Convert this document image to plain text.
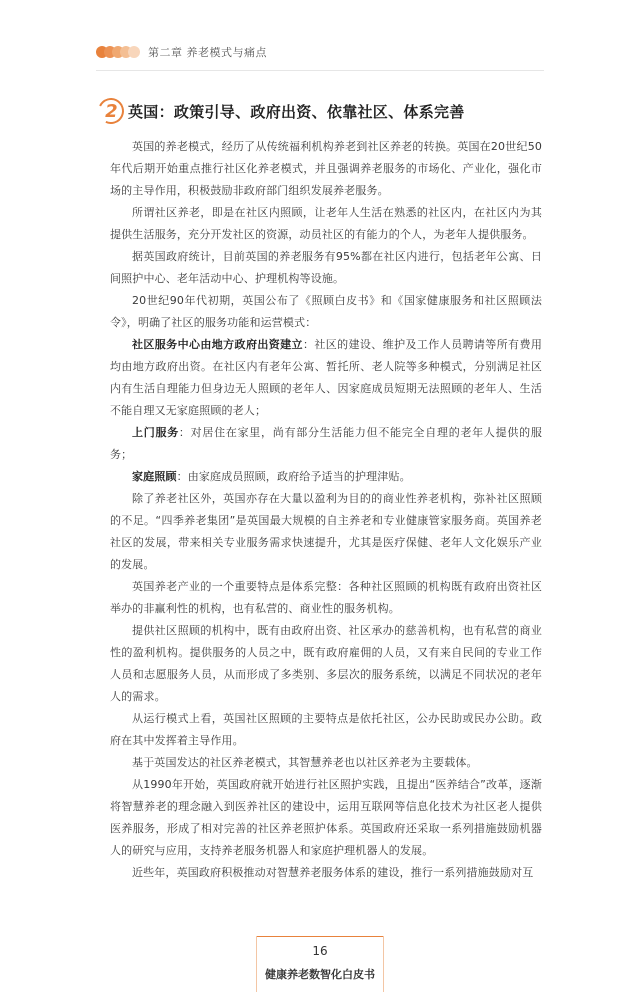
第二章 养老模式与痛点
2 英国：政策引导、政府出资、依靠社区、体系完善

英国的养老模式，经历了从传统福利机构养老到社区养老的转换。英国在20世纪50年代后期开始重点推行社区化养老模式，并且强调养老服务的市场化、产业化，强化市场的主导作用，积极鼓励非政府部门组织发展养老服务。

所谓社区养老，即是在社区内照顾，让老年人生活在熟悉的社区内，在社区内为其提供生活服务，充分开发社区的资源，动员社区的有能力的个人，为老年人提供服务。

据英国政府统计，目前英国的养老服务有95%都在社区内进行，包括老年公寓、日间照护中心、老年活动中心、护理机构等设施。

20世纪90年代初期，英国公布了《照顾白皮书》和《国家健康服务和社区照顾法令》，明确了社区的服务功能和运营模式：

社区服务中心由地方政府出资建立：社区的建设、维护及工作人员聘请等所有费用均由地方政府出资。在社区内有老年公寓、暂托所、老人院等多种模式，分别满足社区内有生活自理能力但身边无人照顾的老年人、因家庭成员短期无法照顾的老年人、生活不能自理又无家庭照顾的老人；

上门服务：对居住在家里，尚有部分生活能力但不能完全自理的老年人提供的服务；

家庭照顾：由家庭成员照顾，政府给予适当的护理津贴。

除了养老社区外，英国亦存在大量以盈利为目的的商业性养老机构，弥补社区照顾的不足。“四季养老集团”是英国最大规模的自主养老和专业健康管家服务商。英国养老社区的发展，带来相关专业服务需求快速提升，尤其是医疗保健、老年人文化娱乐产业的发展。

英国养老产业的一个重要特点是体系完整：各种社区照顾的机构既有政府出资社区举办的非赢利性的机构，也有私营的、商业性的服务机构。

提供社区照顾的机构中，既有由政府出资、社区承办的慈善机构，也有私营的商业性的盈利机构。提供服务的人员之中，既有政府雇佣的人员，又有来自民间的专业工作人员和志愿服务人员，从而形成了多类别、多层次的服务系统，以满足不同状况的老年人的需求。

从运行模式上看，英国社区照顾的主要特点是依托社区，公办民助或民办公助。政府在其中发挥着主导作用。

基于英国发达的社区养老模式，其智慧养老也以社区养老为主要载体。

从1990年开始，英国政府就开始进行社区照护实践，且提出“医养结合”改革，逐渐将智慧养老的理念融入到医养社区的建设中，运用互联网等信息化技术为社区老人提供医养服务，形成了相对完善的社区养老照护体系。英国政府还采取一系列措施鼓励机器人的研究与应用，支持养老服务机器人和家庭护理机器人的发展。

近些年，英国政府积极推动对智慧养老服务体系的建设，推行一系列措施鼓励对互

16
健康养老数智化白皮书
